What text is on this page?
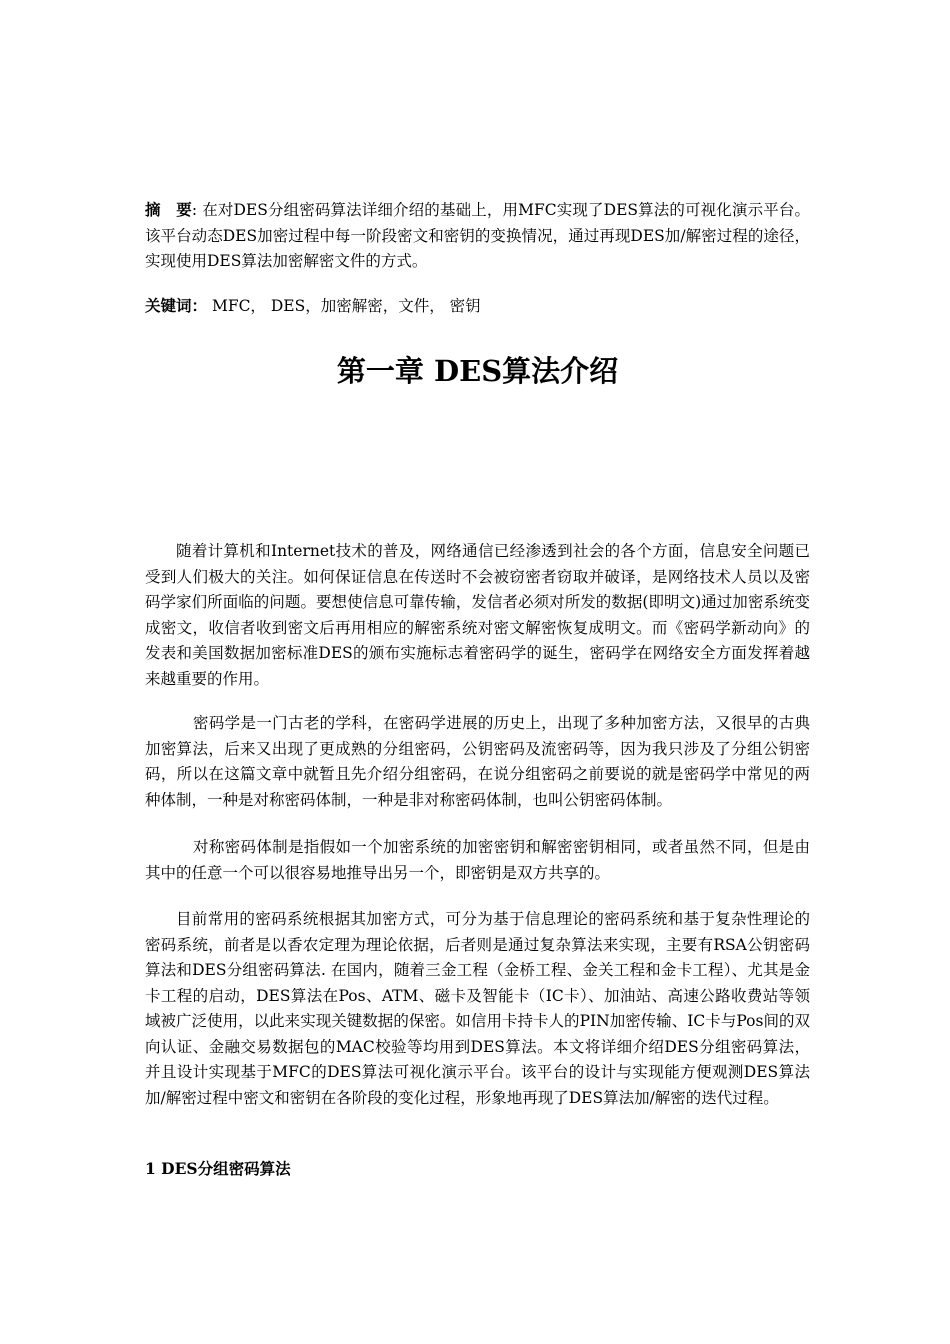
摘　要: 在对DES分组密码算法详细介绍的基础上，用MFC实现了DES算法的可视化演示平台。该平台动态DES加密过程中每一阶段密文和密钥的变换情况，通过再现DES加/解密过程的途径，实现使用DES算法加密解密文件的方式。

关键词： MFC， DES，加密解密，文件， 密钥

第一章 DES算法介绍

随着计算机和Internet技术的普及，网络通信已经渗透到社会的各个方面，信息安全问题已受到人们极大的关注。如何保证信息在传送时不会被窃密者窃取并破译，是网络技术人员以及密码学家们所面临的问题。要想使信息可靠传输，发信者必须对所发的数据(即明文)通过加密系统变成密文，收信者收到密文后再用相应的解密系统对密文解密恢复成明文。而《密码学新动向》的发表和美国数据加密标准DES的颁布实施标志着密码学的诞生，密码学在网络安全方面发挥着越来越重要的作用。

密码学是一门古老的学科，在密码学进展的历史上，出现了多种加密方法，又很早的古典加密算法，后来又出现了更成熟的分组密码，公钥密码及流密码等，因为我只涉及了分组公钥密码，所以在这篇文章中就暂且先介绍分组密码，在说分组密码之前要说的就是密码学中常见的两种体制，一种是对称密码体制，一种是非对称密码体制，也叫公钥密码体制。

对称密码体制是指假如一个加密系统的加密密钥和解密密钥相同，或者虽然不同，但是由其中的任意一个可以很容易地推导出另一个，即密钥是双方共享的。

目前常用的密码系统根据其加密方式，可分为基于信息理论的密码系统和基于复杂性理论的密码系统，前者是以香农定理为理论依据，后者则是通过复杂算法来实现，主要有RSA公钥密码算法和DES分组密码算法. 在国内，随着三金工程（金桥工程、金关工程和金卡工程）、尤其是金卡工程的启动，DES算法在Pos、ATM、磁卡及智能卡（IC卡）、加油站、高速公路收费站等领域被广泛使用，以此来实现关键数据的保密。如信用卡持卡人的PIN加密传输、IC卡与Pos间的双向认证、金融交易数据包的MAC校验等均用到DES算法。本文将详细介绍DES分组密码算法，并且设计实现基于MFC的DES算法可视化演示平台。该平台的设计与实现能方便观测DES算法加/解密过程中密文和密钥在各阶段的变化过程，形象地再现了DES算法加/解密的迭代过程。

1 DES分组密码算法
